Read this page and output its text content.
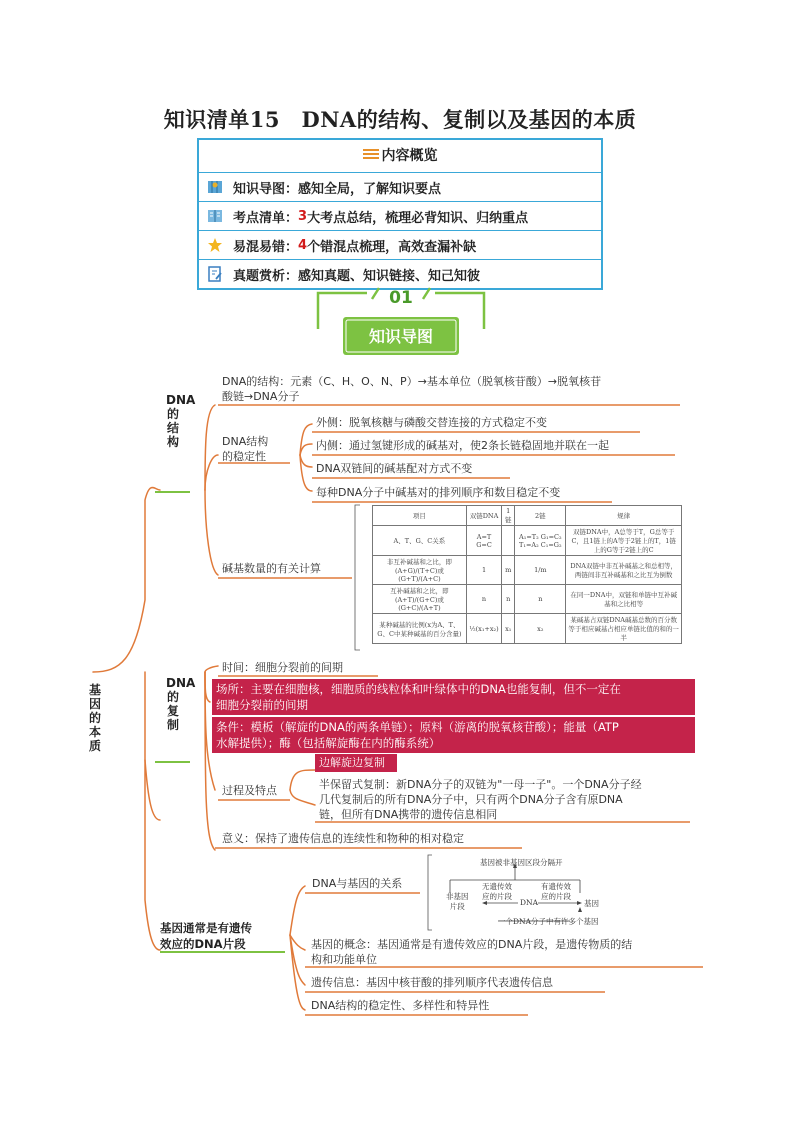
知识清单15　DNA的结构、复制以及基因的本质
内容概览
知识导图： 感知全局，了解知识要点
考点清单： 3 大考点总结，梳理必背知识、归纳重点
易混易错： 4 个错混点梳理，高效查漏补缺
真题赏析： 感知真题、知识链接、知己知彼
01
知识导图
基因的本质
DNA的结构
DNA的复制
基因通常是有遗传
效应的DNA片段
DNA的结构：元素（C、H、O、N、P）→基本单位（脱氧核苷酸）→脱氧核苷
酸链→DNA分子
DNA结构
的稳定性
外侧：脱氧核糖与磷酸交替连接的方式稳定不变
内侧：通过氢键形成的碱基对，使2条长链稳固地并联在一起
DNA双链间的碱基配对方式不变
每种DNA分子中碱基对的排列顺序和数目稳定不变
碱基数量的有关计算
项目	双链DNA	1链	2链	规律
A、T、G、C关系	A=T G=C		A₁=T₂ G₁=C₂ T₁=A₂ C₁=G₂	双链DNA中，A总等于T，G总等于C，且1链上的A等于2链上的T，1链上的G等于2链上的C
非互补碱基和之比，即(A+G)/(T+C)或(G+T)/(A+C)	1	m	1/m	DNA双链中非互补碱基之和总相等，两链间非互补碱基和之比互为倒数
互补碱基和之比，即(A+T)/(G+C)或(G+C)/(A+T)	n	n	n	在同一DNA中，双链和单链中互补碱基和之比相等
某种碱基的比例(x为A、T、G、C中某种碱基的百分含量)	½(x₁+x₂)	x₁	x₂	某碱基占双链DNA碱基总数的百分数等于相应碱基占相应单链比值的和的一半
时间：细胞分裂前的间期
场所：主要在细胞核，细胞质的线粒体和叶绿体中的DNA也能复制，但不一定在
细胞分裂前的间期
条件：模板（解旋的DNA的两条单链）；原料（游离的脱氧核苷酸）；能量（ATP
水解提供）；酶（包括解旋酶在内的酶系统）
边解旋边复制
过程及特点	半保留式复制：新DNA分子的双链为"一母一子"。一个DNA分子经
几代复制后的所有DNA分子中，只有两个DNA分子含有原DNA
链，但所有DNA携带的遗传信息相同
意义：保持了遗传信息的连续性和物种的相对稳定
DNA与基因的关系
基因被非基因区段分隔开
非基因
片段
无遗传效
应的片段
DNA
有遗传效
应的片段
基因
一个DNA分子中有许多个基因
基因的概念：基因通常是有遗传效应的DNA片段，是遗传物质的结
构和功能单位
遗传信息：基因中核苷酸的排列顺序代表遗传信息
DNA结构的稳定性、多样性和特异性
